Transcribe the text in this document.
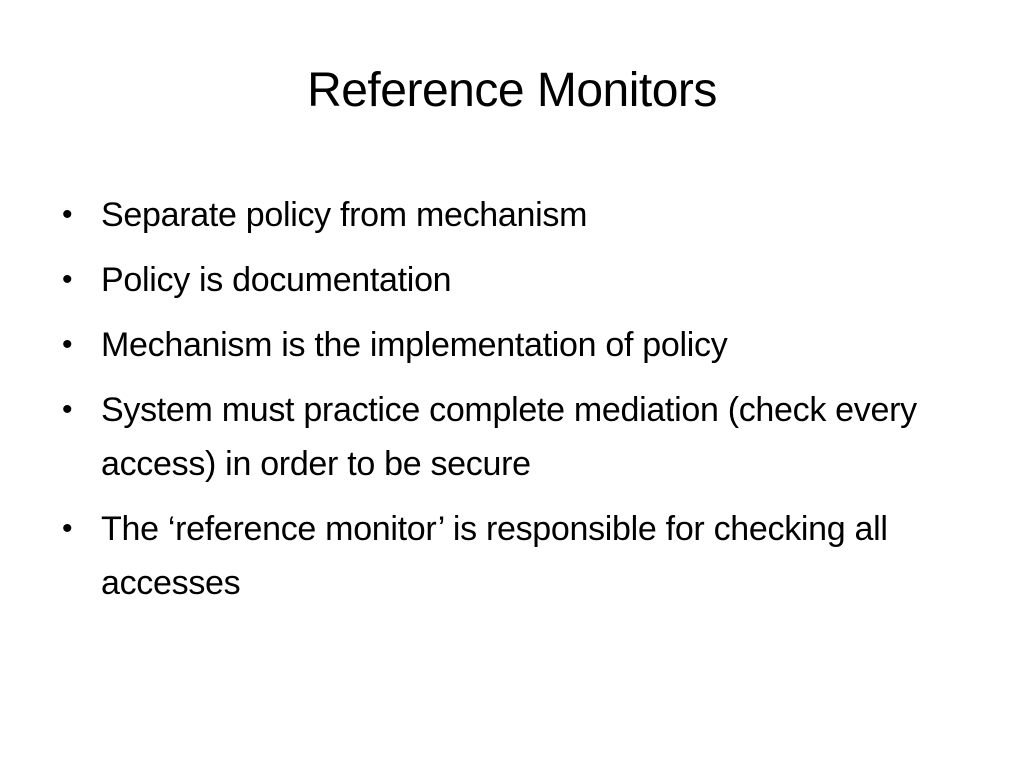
Reference Monitors
• Separate policy from mechanism
• Policy is documentation
• Mechanism is the implementation of policy
• System must practice complete mediation (check every access) in order to be secure
• The ‘reference monitor’ is responsible for checking all accesses
